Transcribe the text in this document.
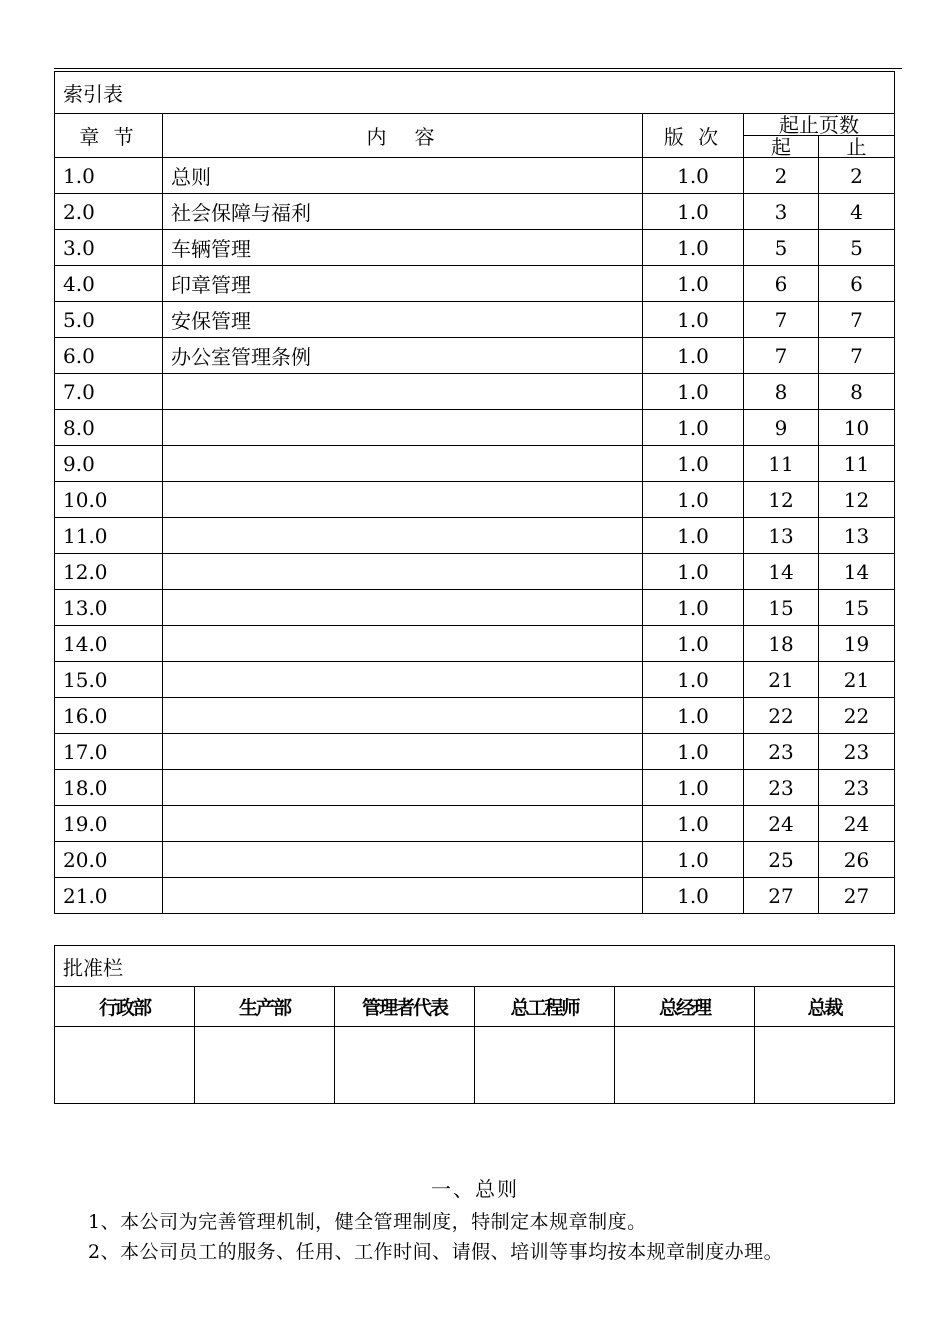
索引表				
章 节	内　容	版 次	起止页数	
			起	止
1.0	总则	1.0	2	2
2.0	社会保障与福利	1.0	3	4
3.0	车辆管理	1.0	5	5
4.0	印章管理	1.0	6	6
5.0	安保管理	1.0	7	7
6.0	办公室管理条例	1.0	7	7
7.0		1.0	8	8
8.0		1.0	9	10
9.0		1.0	11	11
10.0		1.0	12	12
11.0		1.0	13	13
12.0		1.0	14	14
13.0		1.0	15	15
14.0		1.0	18	19
15.0		1.0	21	21
16.0		1.0	22	22
17.0		1.0	23	23
18.0		1.0	23	23
19.0		1.0	24	24
20.0		1.0	25	26
21.0		1.0	27	27
批准栏					
行政部	生产部	管理者代表	总工程师	总经理	总裁

一、总则
1、本公司为完善管理机制，健全管理制度，特制定本规章制度。
2、本公司员工的服务、任用、工作时间、请假、培训等事均按本规章制度办理。
